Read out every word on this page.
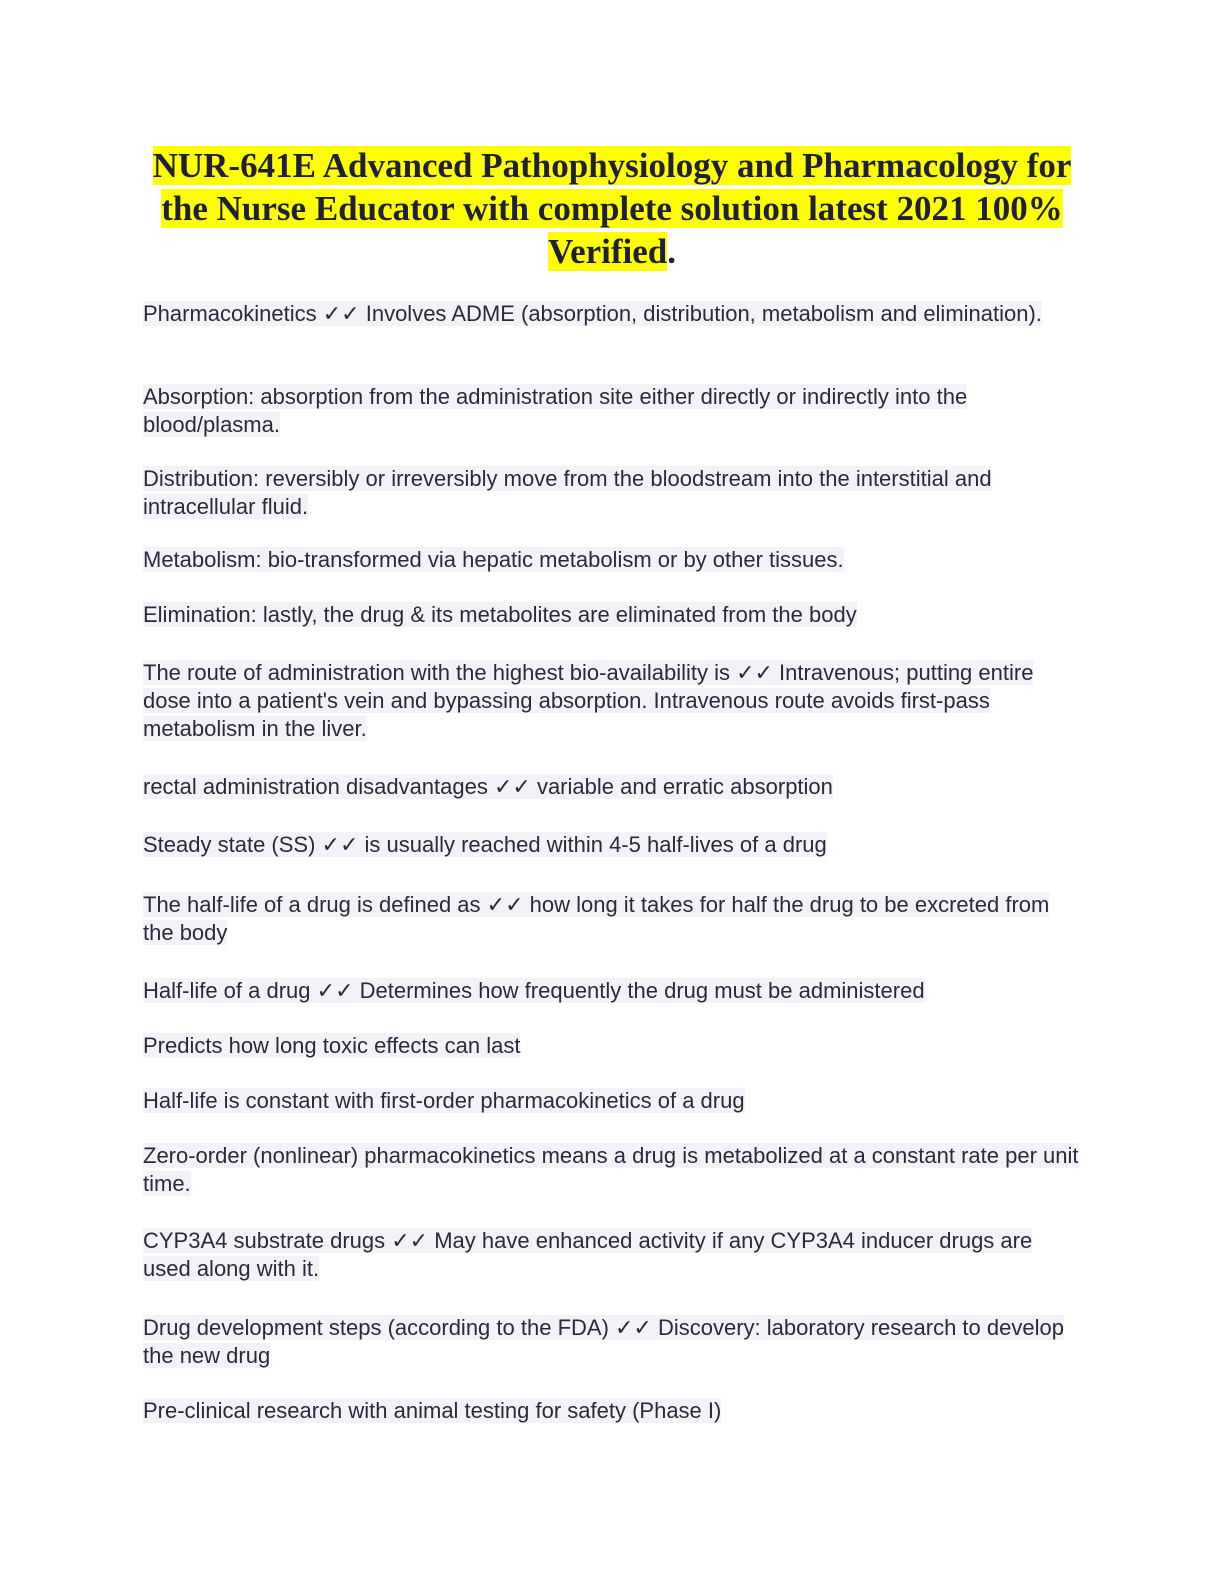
NUR-641E Advanced Pathophysiology and Pharmacology for the Nurse Educator with complete solution latest 2021 100% Verified.

Pharmacokinetics ✓✓ Involves ADME (absorption, distribution, metabolism and elimination).

Absorption: absorption from the administration site either directly or indirectly into the blood/plasma.

Distribution: reversibly or irreversibly move from the bloodstream into the interstitial and intracellular fluid.

Metabolism: bio-transformed via hepatic metabolism or by other tissues.

Elimination: lastly, the drug & its metabolites are eliminated from the body

The route of administration with the highest bio-availability is ✓✓ Intravenous; putting entire dose into a patient's vein and bypassing absorption. Intravenous route avoids first-pass metabolism in the liver.

rectal administration disadvantages ✓✓ variable and erratic absorption

Steady state (SS) ✓✓ is usually reached within 4-5 half-lives of a drug

The half-life of a drug is defined as ✓✓ how long it takes for half the drug to be excreted from the body

Half-life of a drug ✓✓ Determines how frequently the drug must be administered

Predicts how long toxic effects can last

Half-life is constant with first-order pharmacokinetics of a drug

Zero-order (nonlinear) pharmacokinetics means a drug is metabolized at a constant rate per unit time.

CYP3A4 substrate drugs ✓✓ May have enhanced activity if any CYP3A4 inducer drugs are used along with it.

Drug development steps (according to the FDA) ✓✓ Discovery: laboratory research to develop the new drug

Pre-clinical research with animal testing for safety (Phase I)
